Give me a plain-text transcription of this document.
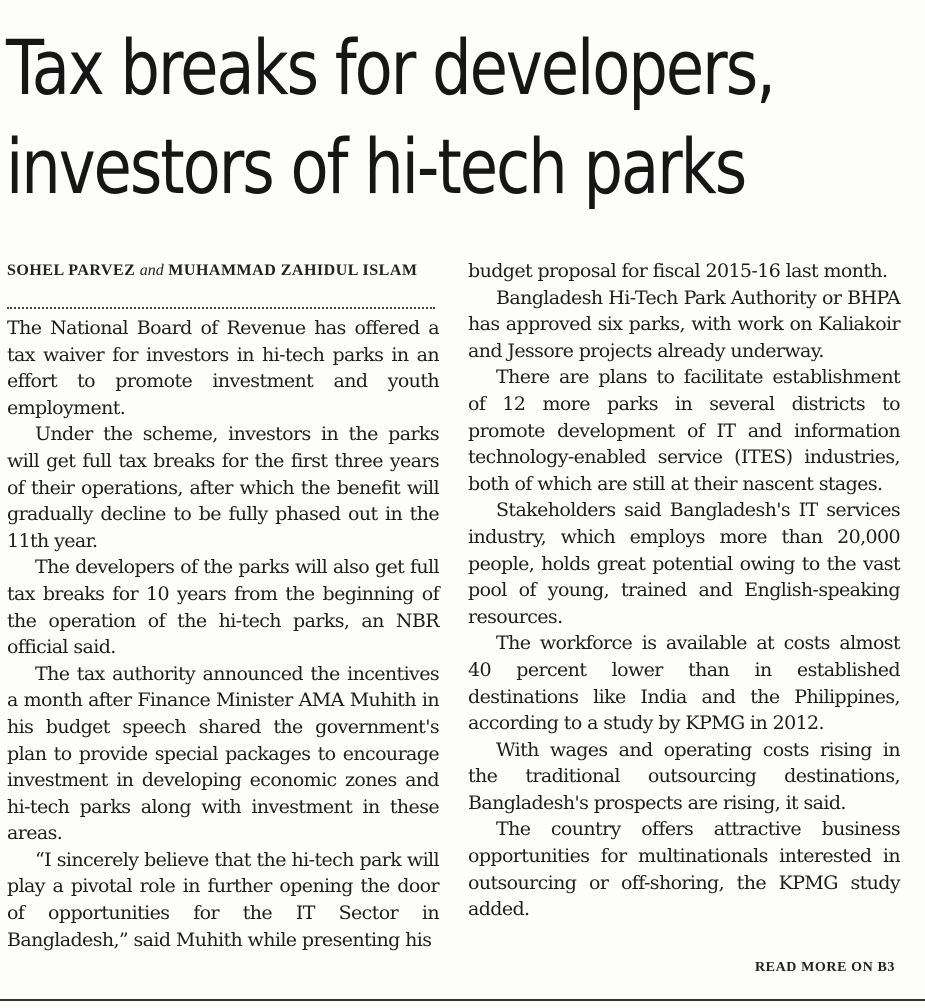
Tax breaks for developers,
investors of hi-tech parks

SOHEL PARVEZ and MUHAMMAD ZAHIDUL ISLAM

The National Board of Revenue has offered a tax waiver for investors in hi-tech parks in an effort to promote investment and youth employment.

Under the scheme, investors in the parks will get full tax breaks for the first three years of their operations, after which the benefit will gradually decline to be fully phased out in the 11th year.

The developers of the parks will also get full tax breaks for 10 years from the beginning of the operation of the hi-tech parks, an NBR official said.

The tax authority announced the incentives a month after Finance Minister AMA Muhith in his budget speech shared the government's plan to provide special packages to encourage investment in developing economic zones and hi-tech parks along with investment in these areas.

“I sincerely believe that the hi-tech park will play a pivotal role in further opening the door of opportunities for the IT Sector in Bangladesh,” said Muhith while presenting his

budget proposal for fiscal 2015-16 last month.

Bangladesh Hi-Tech Park Authority or BHPA has approved six parks, with work on Kaliakoir and Jessore projects already underway.

There are plans to facilitate establishment of 12 more parks in several districts to promote development of IT and information technology-enabled service (ITES) industries, both of which are still at their nascent stages.

Stakeholders said Bangladesh's IT services industry, which employs more than 20,000 people, holds great potential owing to the vast pool of young, trained and English-speaking resources.

The workforce is available at costs almost 40 percent lower than in established destinations like India and the Philippines, according to a study by KPMG in 2012.

With wages and operating costs rising in the traditional outsourcing destinations, Bangladesh's prospects are rising, it said.

The country offers attractive business opportunities for multinationals interested in outsourcing or off-shoring, the KPMG study added.

READ MORE ON B3
